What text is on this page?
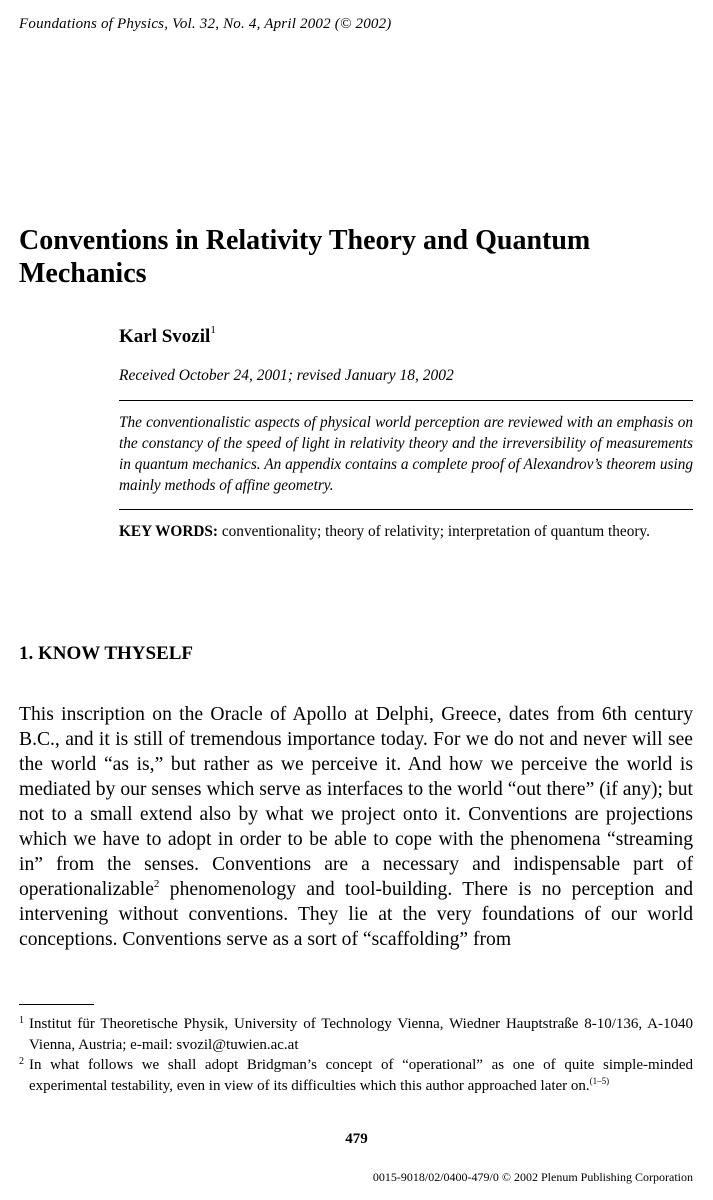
Foundations of Physics, Vol. 32, No. 4, April 2002 (© 2002)
Conventions in Relativity Theory and Quantum Mechanics
Karl Svozil$^1$
Received October 24, 2001; revised January 18, 2002
The conventionalistic aspects of physical world perception are reviewed with an emphasis on the constancy of the speed of light in relativity theory and the irreversibility of measurements in quantum mechanics. An appendix contains a complete proof of Alexandrov’s theorem using mainly methods of affine geometry.
KEY WORDS: conventionality; theory of relativity; interpretation of quantum theory.
1. KNOW THYSELF

This inscription on the Oracle of Apollo at Delphi, Greece, dates from 6th century B.C., and it is still of tremendous importance today. For we do not and never will see the world “as is,” but rather as we perceive it. And how we perceive the world is mediated by our senses which serve as interfaces to the world “out there” (if any); but not to a small extend also by what we project onto it. Conventions are projections which we have to adopt in order to be able to cope with the phenomena “streaming in” from the senses. Conventions are a necessary and indispensable part of operationalizable$^2$ phenomenology and tool-building. There is no perception and intervening without conventions. They lie at the very foundations of our world conceptions. Conventions serve as a sort of “scaffolding” from

1 Institut für Theoretische Physik, University of Technology Vienna, Wiedner Hauptstraße 8-10/136, A-1040 Vienna, Austria; e-mail: svozil@tuwien.ac.at
2 In what follows we shall adopt Bridgman’s concept of “operational” as one of quite simple-minded experimental testability, even in view of its difficulties which this author approached later on.$^{(1-5)}$
479
0015-9018/02/0400-479/0 © 2002 Plenum Publishing Corporation
